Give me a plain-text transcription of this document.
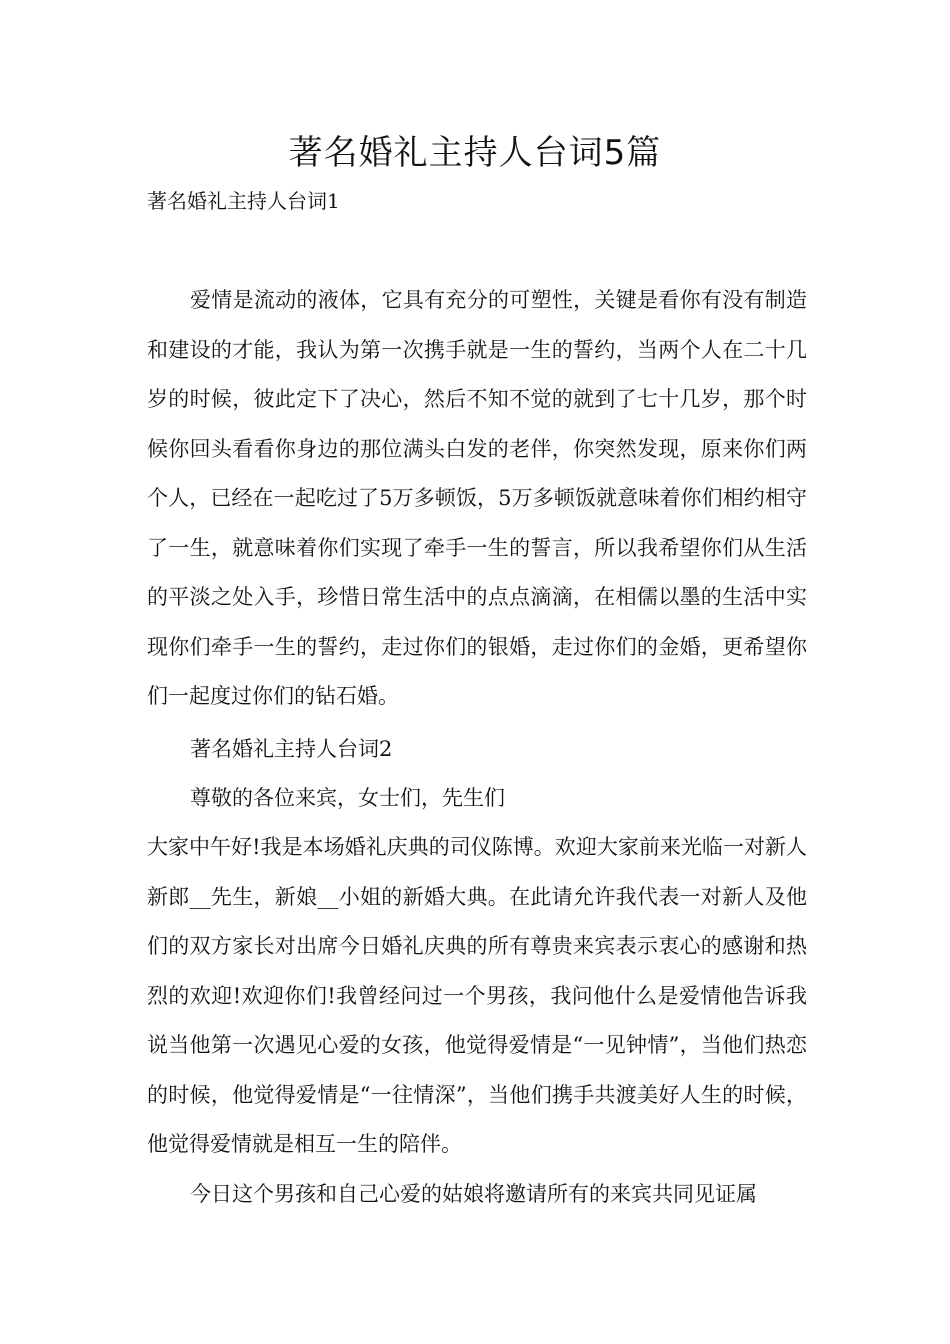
著名婚礼主持人台词5篇

著名婚礼主持人台词1

爱情是流动的液体，它具有充分的可塑性，关键是看你有没有制造和建设的才能，我认为第一次携手就是一生的誓约，当两个人在二十几岁的时候，彼此定下了决心，然后不知不觉的就到了七十几岁，那个时候你回头看看你身边的那位满头白发的老伴，你突然发现，原来你们两个人，已经在一起吃过了5万多顿饭，5万多顿饭就意味着你们相约相守了一生，就意味着你们实现了牵手一生的誓言，所以我希望你们从生活的平淡之处入手，珍惜日常生活中的点点滴滴，在相儒以墨的生活中实现你们牵手一生的誓约，走过你们的银婚，走过你们的金婚，更希望你们一起度过你们的钻石婚。

著名婚礼主持人台词2

尊敬的各位来宾，女士们，先生们

大家中午好!我是本场婚礼庆典的司仪陈博。欢迎大家前来光临一对新人新郎__先生，新娘__小姐的新婚大典。在此请允许我代表一对新人及他们的双方家长对出席今日婚礼庆典的所有尊贵来宾表示衷心的感谢和热烈的欢迎!欢迎你们!我曾经问过一个男孩，我问他什么是爱情他告诉我说当他第一次遇见心爱的女孩，他觉得爱情是“一见钟情”，当他们热恋的时候，他觉得爱情是“一往情深”，当他们携手共渡美好人生的时候，他觉得爱情就是相互一生的陪伴。

今日这个男孩和自己心爱的姑娘将邀请所有的来宾共同见证属
